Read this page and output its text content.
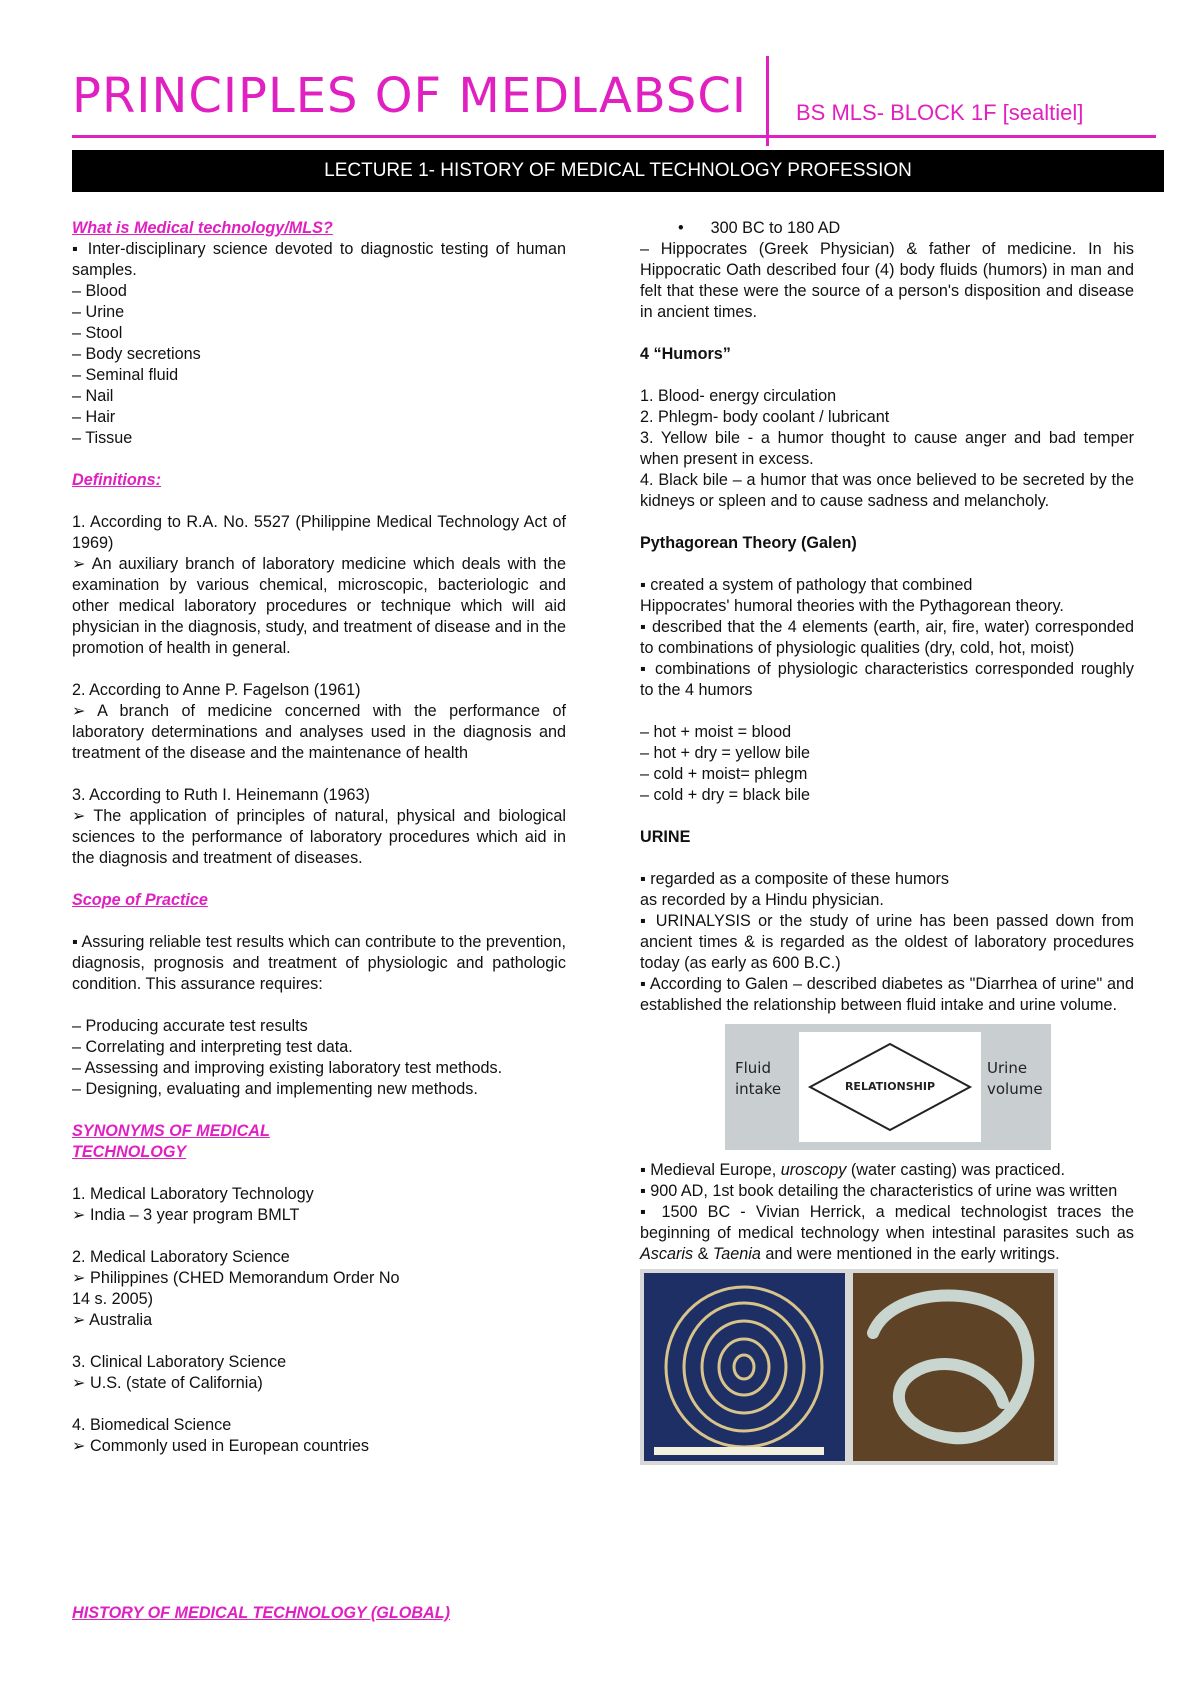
PRINCIPLES OF MEDLABSCI BS MLS- BLOCK 1F [sealtiel]
LECTURE 1- HISTORY OF MEDICAL TECHNOLOGY PROFESSION

What is Medical technology/MLS?

▪ Inter-disciplinary science devoted to diagnostic testing of human samples.

– Blood

– Urine

– Stool

– Body secretions

– Seminal fluid

– Nail

– Hair

– Tissue

Definitions:

1. According to R.A. No. 5527 (Philippine Medical Technology Act of 1969)

➢ An auxiliary branch of laboratory medicine which deals with the examination by various chemical, microscopic, bacteriologic and other medical laboratory procedures or technique which will aid physician in the diagnosis, study, and treatment of disease and in the promotion of health in general.

2. According to Anne P. Fagelson (1961)

➢ A branch of medicine concerned with the performance of laboratory determinations and analyses used in the diagnosis and treatment of the disease and the maintenance of health

3. According to Ruth I. Heinemann (1963)

➢ The application of principles of natural, physical and biological sciences to the performance of laboratory procedures which aid in the diagnosis and treatment of diseases.

Scope of Practice

▪ Assuring reliable test results which can contribute to the prevention, diagnosis, prognosis and treatment of physiologic and pathologic condition. This assurance requires:

– Producing accurate test results

– Correlating and interpreting test data.

– Assessing and improving existing laboratory test methods.

– Designing, evaluating and implementing new methods.

SYNONYMS OF MEDICAL

TECHNOLOGY

1. Medical Laboratory Technology

➢ India – 3 year program BMLT

2. Medical Laboratory Science

➢ Philippines (CHED Memorandum Order No

14 s. 2005)

➢ Australia

3. Clinical Laboratory Science

➢ U.S. (state of California)

4. Biomedical Science

➢ Commonly used in European countries

•      300 BC to 180 AD

– Hippocrates (Greek Physician) & father of medicine. In his Hippocratic Oath described four (4) body fluids (humors) in man and felt that these were the source of a person's disposition and disease in ancient times.

4 “Humors”

1. Blood- energy circulation

2. Phlegm- body coolant / lubricant

3. Yellow bile - a humor thought to cause anger and bad temper when present in excess.

4. Black bile – a humor that was once believed to be secreted by the kidneys or spleen and to cause sadness and melancholy.

Pythagorean Theory (Galen)

▪ created a system of pathology that combined

Hippocrates' humoral theories with the Pythagorean theory.

▪ described that the 4 elements (earth, air, fire, water) corresponded to combinations of physiologic qualities (dry, cold, hot, moist)

▪ combinations of physiologic characteristics corresponded roughly to the 4 humors

– hot + moist = blood

– hot + dry = yellow bile

– cold + moist= phlegm

– cold + dry = black bile

URINE

▪ regarded as a composite of these humors

as recorded by a Hindu physician.

▪ URINALYSIS or the study of urine has been passed down from ancient times & is regarded as the oldest of laboratory procedures today (as early as 600 B.C.)

▪ According to Galen – described diabetes as "Diarrhea of urine" and established the relationship between fluid intake and urine volume.

Fluid
intake	RELATIONSHIP
Urine
volume

▪ Medieval Europe, uroscopy (water casting) was practiced.

▪ 900 AD, 1st book detailing the characteristics of urine was written

▪ 1500 BC - Vivian Herrick, a medical technologist traces the beginning of medical technology when intestinal parasites such as Ascaris & Taenia and were mentioned in the early writings.

HISTORY OF MEDICAL TECHNOLOGY (GLOBAL)
